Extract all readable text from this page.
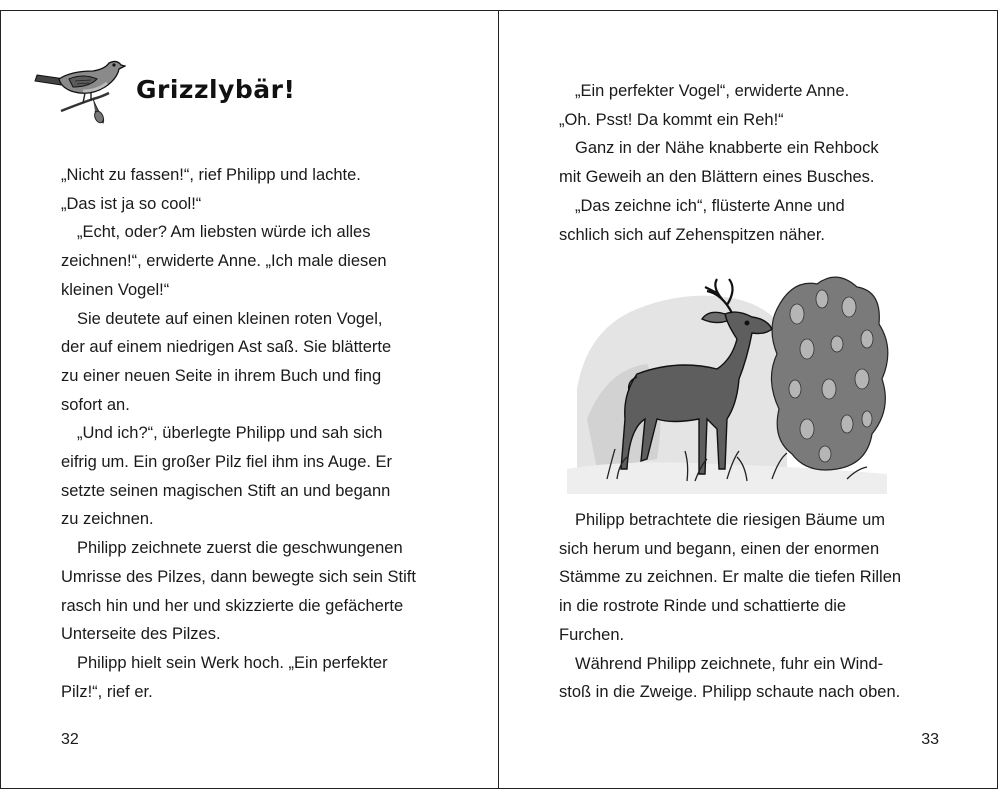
Grizzlybär!
„Nicht zu fassen!“, rief Philipp und lachte.
„Das ist ja so cool!“
„Echt, oder? Am liebsten würde ich alles
zeichnen!“, erwiderte Anne. „Ich male diesen
kleinen Vogel!“
Sie deutete auf einen kleinen roten Vogel,
der auf einem niedrigen Ast saß. Sie blätterte
zu einer neuen Seite in ihrem Buch und fing
sofort an.
„Und ich?“, überlegte Philipp und sah sich
eifrig um. Ein großer Pilz fiel ihm ins Auge. Er
setzte seinen magischen Stift an und begann
zu zeichnen.
Philipp zeichnete zuerst die geschwungenen
Umrisse des Pilzes, dann bewegte sich sein Stift
rasch hin und her und skizzierte die gefächerte
Unterseite des Pilzes.
Philipp hielt sein Werk hoch. „Ein perfekter
Pilz!“, rief er.
32
„Ein perfekter Vogel“, erwiderte Anne.
„Oh. Psst! Da kommt ein Reh!“
Ganz in der Nähe knabberte ein Rehbock
mit Geweih an den Blättern eines Busches.
„Das zeichne ich“, flüsterte Anne und
schlich sich auf Zehenspitzen näher.
Philipp betrachtete die riesigen Bäume um
sich herum und begann, einen der enormen
Stämme zu zeichnen. Er malte die tiefen Rillen
in die rostrote Rinde und schattierte die
Furchen.
Während Philipp zeichnete, fuhr ein Wind-
stoß in die Zweige. Philipp schaute nach oben.
33
